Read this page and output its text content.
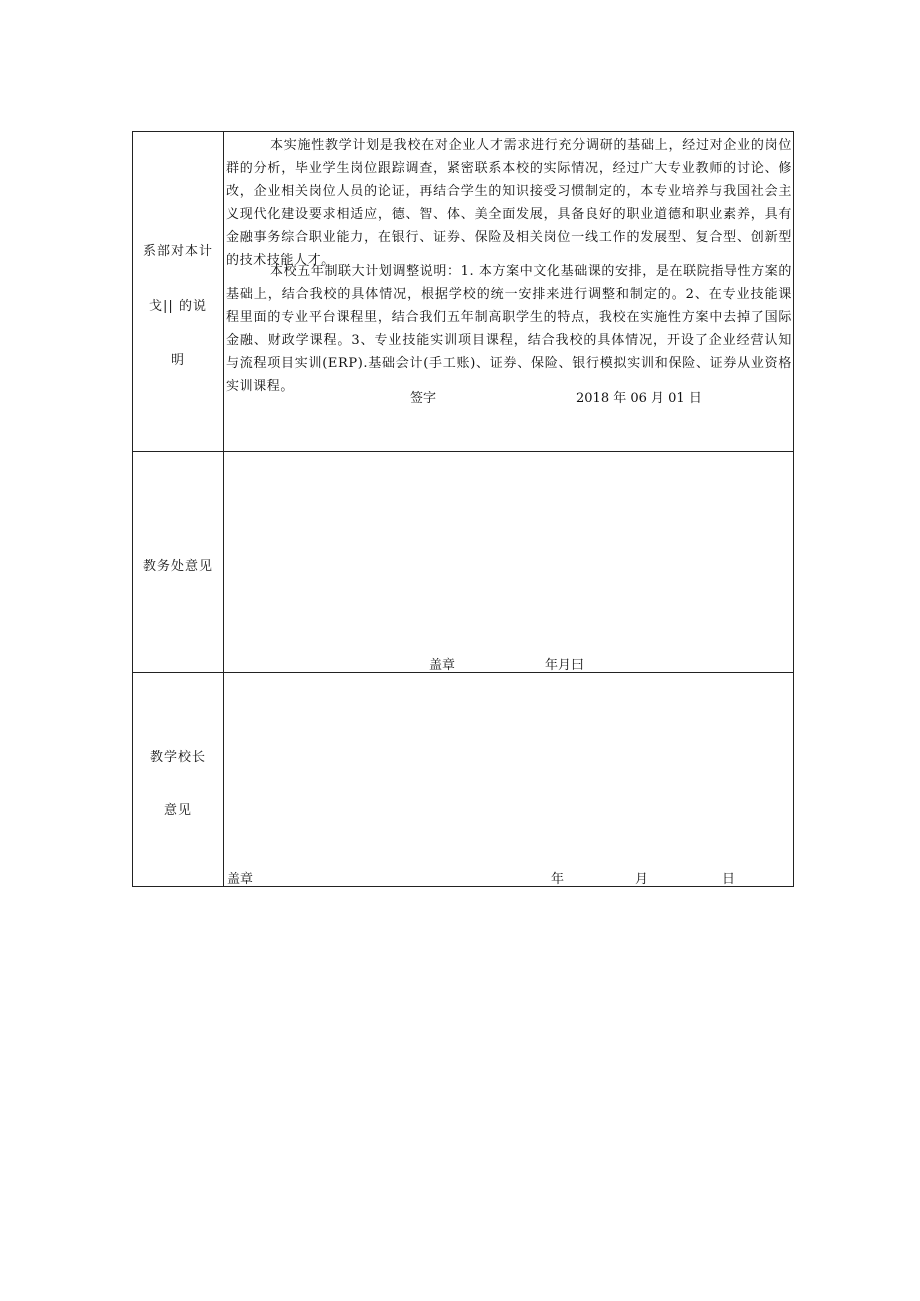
系部对本计
戈|| 的说
明

本实施性教学计划是我校在对企业人才需求进行充分调研的基础上，经过对企业的岗位群的分析，毕业学生岗位跟踪调查，紧密联系本校的实际情况，经过广大专业教师的讨论、修改，企业相关岗位人员的论证，再结合学生的知识接受习惯制定的，本专业培养与我国社会主义现代化建设要求相适应，德、智、体、美全面发展，具备良好的职业道德和职业素养，具有金融事务综合职业能力，在银行、证券、保险及相关岗位一线工作的发展型、复合型、创新型的技术技能人才。

本校五年制联大计划调整说明：1. 本方案中文化基础课的安排，是在联院指导性方案的基础上，结合我校的具体情况，根据学校的统一安排来进行调整和制定的。2、在专业技能课程里面的专业平台课程里，结合我们五年制高职学生的特点，我校在实施性方案中去掉了国际金融、财政学课程。3、专业技能实训项目课程，结合我校的具体情况，开设了企业经营认知与流程项目实训(ERP).基础会计(手工账)、证券、保险、银行模拟实训和保险、证券从业资格实训课程。

签字	2018 年 06 月 01 日
教务处意见
盖章	年月曰
教学校长
意见
盖章	年	月	日
